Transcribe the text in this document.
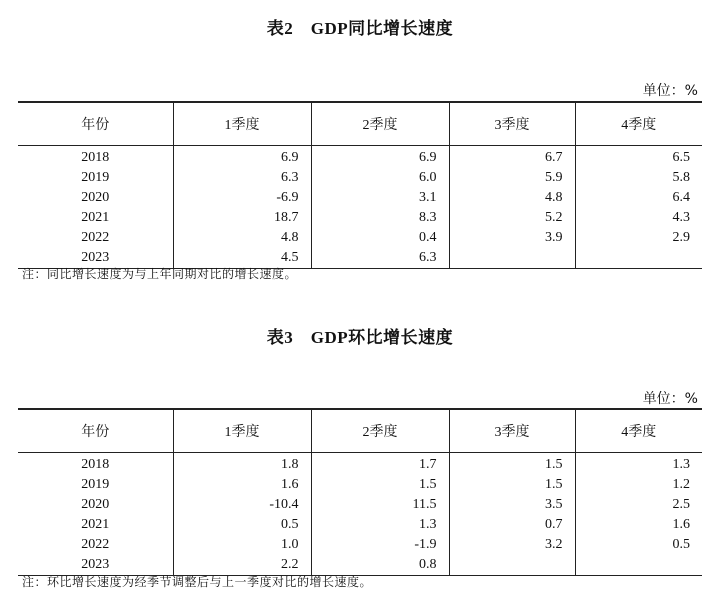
表2　GDP同比增长速度
单位：%
年份	1季度	2季度	3季度	4季度
2018	6.9	6.9	6.7	6.5
2019	6.3	6.0	5.9	5.8
2020	-6.9	3.1	4.8	6.4
2021	18.7	8.3	5.2	4.3
2022	4.8	0.4	3.9	2.9
2023	4.5	6.3		
注：同比增长速度为与上年同期对比的增长速度。
表3　GDP环比增长速度
单位：%
年份	1季度	2季度	3季度	4季度
2018	1.8	1.7	1.5	1.3
2019	1.6	1.5	1.5	1.2
2020	-10.4	11.5	3.5	2.5
2021	0.5	1.3	0.7	1.6
2022	1.0	-1.9	3.2	0.5
2023	2.2	0.8		
注：环比增长速度为经季节调整后与上一季度对比的增长速度。
